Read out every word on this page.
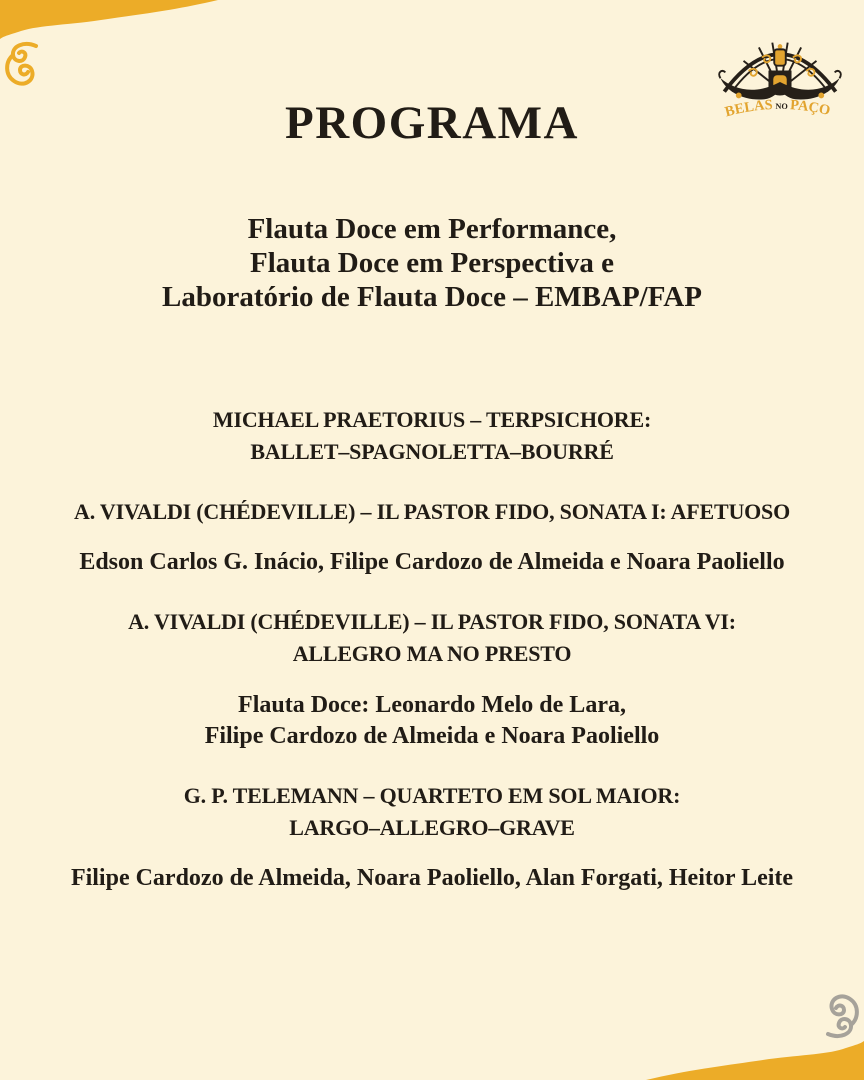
BELAS NO PAÇO
PROGRAMA
Flauta Doce em Performance,
Flauta Doce em Perspectiva e
Laboratório de Flauta Doce – EMBAP/FAP
MICHAEL PRAETORIUS – TERPSICHORE:
BALLET–SPAGNOLETTA–BOURRÉ
A. VIVALDI (CHÉDEVILLE) – IL PASTOR FIDO, SONATA I: AFETUOSO
Edson Carlos G. Inácio, Filipe Cardozo de Almeida e Noara Paoliello
A. VIVALDI (CHÉDEVILLE) – IL PASTOR FIDO, SONATA VI:
ALLEGRO MA NO PRESTO
Flauta Doce: Leonardo Melo de Lara,
Filipe Cardozo de Almeida e Noara Paoliello
G. P. TELEMANN – QUARTETO EM SOL MAIOR:
LARGO–ALLEGRO–GRAVE
Filipe Cardozo de Almeida, Noara Paoliello, Alan Forgati, Heitor Leite
